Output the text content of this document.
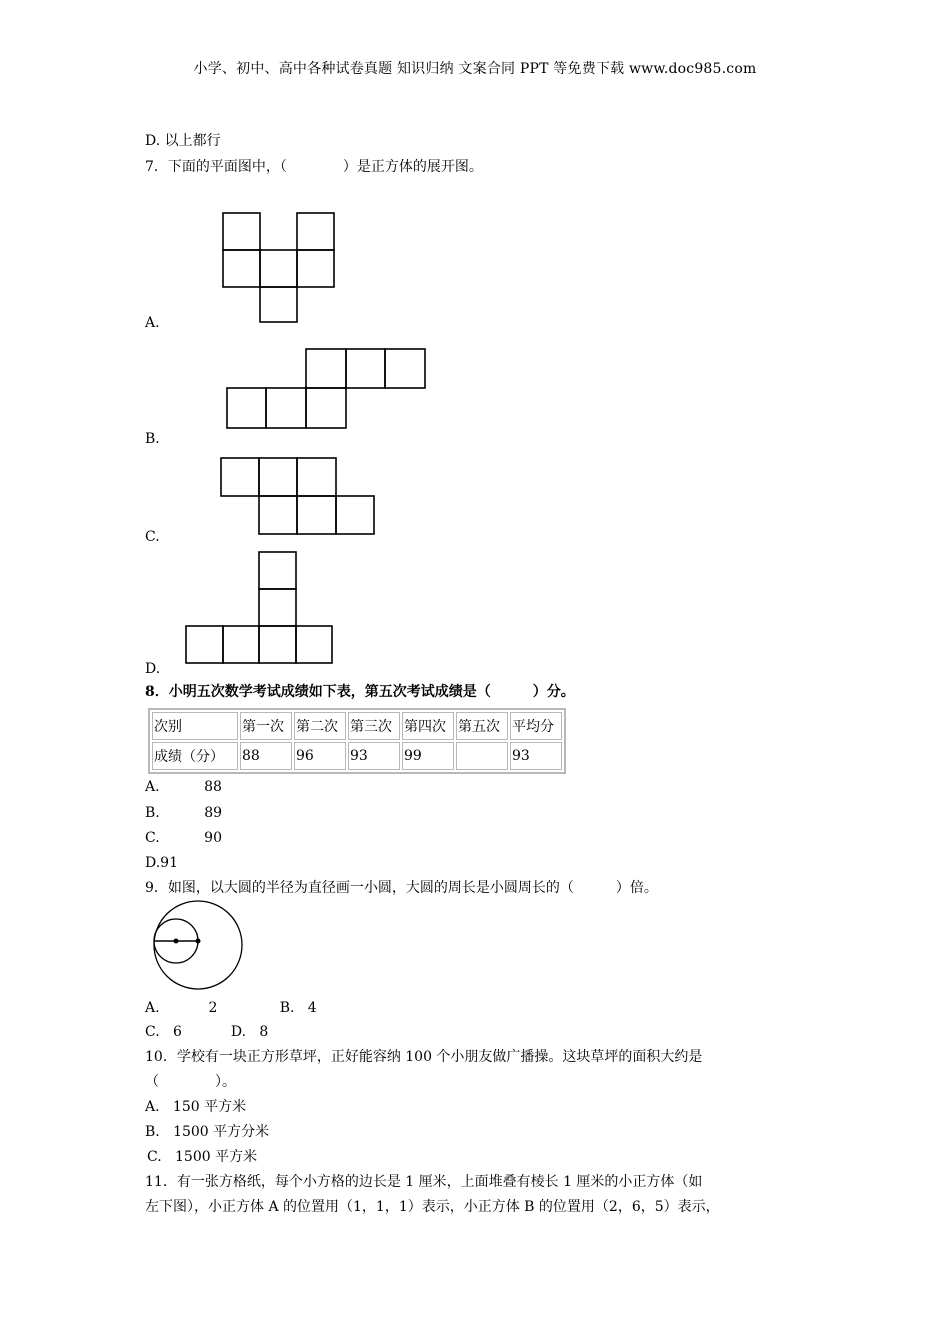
小学、初中、高中各种试卷真题 知识归纳 文案合同 PPT 等免费下载 www.doc985.com
D. 以上都行
7．下面的平面图中，（　　　　）是正方体的展开图。
A.
B.
C.
D.
8．小明五次数学考试成绩如下表，第五次考试成绩是（　　　）分。
次别	第一次	第二次	第三次	第四次	第五次	平均分
成绩（分）	88	96	93	99		93
A.          88
B.          89
C.          90
D.91
9．如图，以大圆的半径为直径画一小圆，大圆的周长是小圆周长的（　　　）倍。
A.           2              B.   4
C.   6           D.   8
10．学校有一块正方形草坪，正好能容纳 100 个小朋友做广播操。这块草坪的面积大约是
（　　　　）。
A.   150 平方米
B.   1500 平方分米
C.   1500 平方米
11．有一张方格纸，每个小方格的边长是 1 厘米，上面堆叠有棱长 1 厘米的小正方体（如
左下图），小正方体 A 的位置用（1，1，1）表示，小正方体 B 的位置用（2，6，5）表示，
